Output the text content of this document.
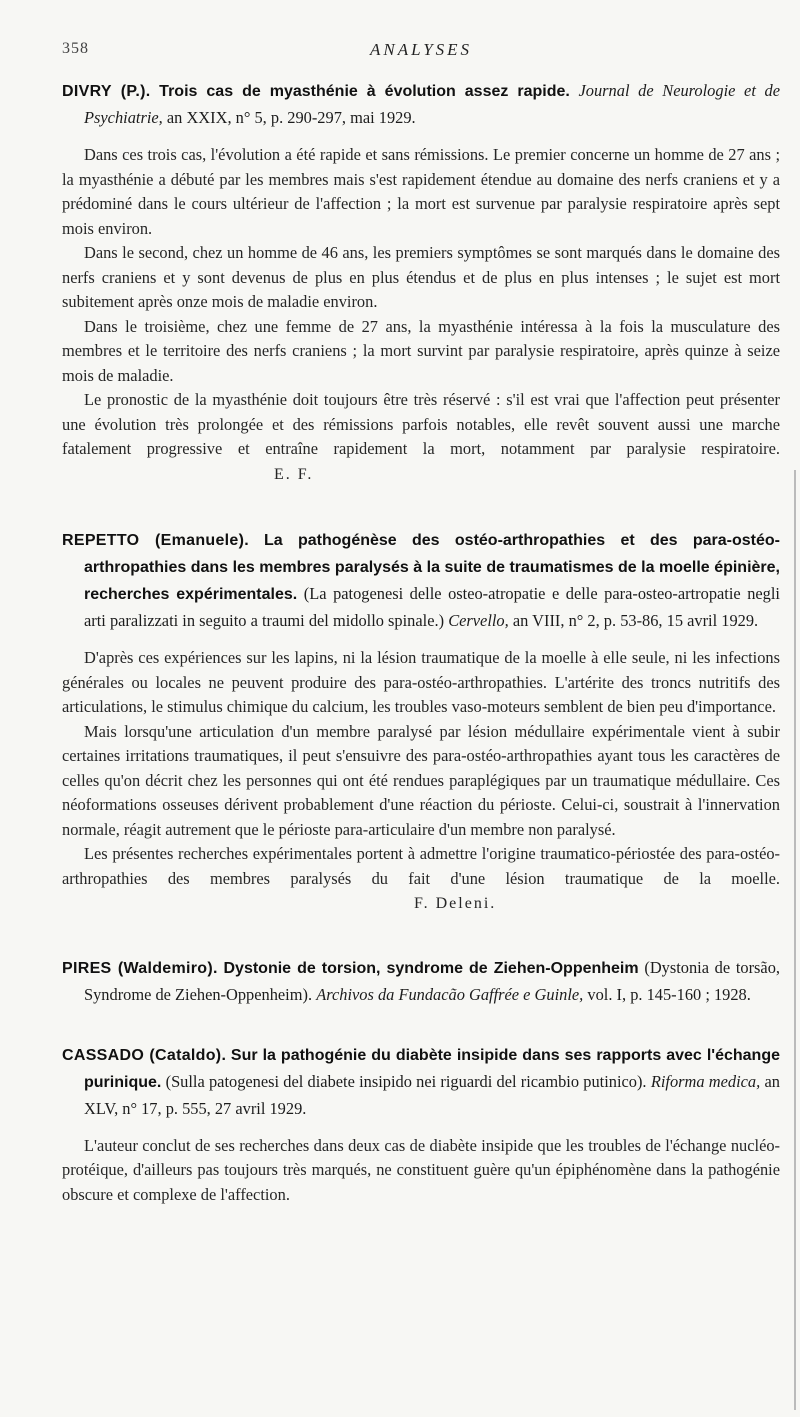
358	ANALYSES

DIVRY (P.). Trois cas de myasthénie à évolution assez rapide. Journal de Neurologie et de Psychiatrie, an XXIX, n° 5, p. 290-297, mai 1929.

Dans ces trois cas, l'évolution a été rapide et sans rémissions. Le premier concerne un homme de 27 ans ; la myasthénie a débuté par les membres mais s'est rapidement étendue au domaine des nerfs craniens et y a prédominé dans le cours ultérieur de l'affection ; la mort est survenue par paralysie respiratoire après sept mois environ.

Dans le second, chez un homme de 46 ans, les premiers symptômes se sont marqués dans le domaine des nerfs craniens et y sont devenus de plus en plus étendus et de plus en plus intenses ; le sujet est mort subitement après onze mois de maladie environ.

Dans le troisième, chez une femme de 27 ans, la myasthénie intéressa à la fois la musculature des membres et le territoire des nerfs craniens ; la mort survint par paralysie respiratoire, après quinze à seize mois de maladie.

Le pronostic de la myasthénie doit toujours être très réservé : s'il est vrai que l'affection peut présenter une évolution très prolongée et des rémissions parfois notables, elle revêt souvent aussi une marche fatalement progressive et entraîne rapidement la mort, notamment par paralysie respiratoire. E. F.

REPETTO (Emanuele). La pathogénèse des ostéo-arthropathies et des para-ostéo-arthropathies dans les membres paralysés à la suite de traumatismes de la moelle épinière, recherches expérimentales. (La patogenesi delle osteo-atropatie e delle para-osteo-artropatie negli arti paralizzati in seguito a traumi del midollo spinale.) Cervello, an VIII, n° 2, p. 53-86, 15 avril 1929.

D'après ces expériences sur les lapins, ni la lésion traumatique de la moelle à elle seule, ni les infections générales ou locales ne peuvent produire des para-ostéo-arthropathies. L'artérite des troncs nutritifs des articulations, le stimulus chimique du calcium, les troubles vaso-moteurs semblent de bien peu d'importance.

Mais lorsqu'une articulation d'un membre paralysé par lésion médullaire expérimentale vient à subir certaines irritations traumatiques, il peut s'ensuivre des para-ostéo-arthropathies ayant tous les caractères de celles qu'on décrit chez les personnes qui ont été rendues paraplégiques par un traumatique médullaire. Ces néoformations osseuses dérivent probablement d'une réaction du périoste. Celui-ci, soustrait à l'innervation normale, réagit autrement que le périoste para-articulaire d'un membre non paralysé.

Les présentes recherches expérimentales portent à admettre l'origine traumatico-périostée des para-ostéo-arthropathies des membres paralysés du fait d'une lésion traumatique de la moelle. F. Deleni.

PIRES (Waldemiro). Dystonie de torsion, syndrome de Ziehen-Oppenheim (Dystonia de torsão, Syndrome de Ziehen-Oppenheim). Archivos da Fundacão Gaffrée e Guinle, vol. I, p. 145-160 ; 1928.

CASSADO (Cataldo). Sur la pathogénie du diabète insipide dans ses rapports avec l'échange purinique. (Sulla patogenesi del diabete insipido nei riguardi del ricambio putinico). Riforma medica, an XLV, n° 17, p. 555, 27 avril 1929.

L'auteur conclut de ses recherches dans deux cas de diabète insipide que les troubles de l'échange nucléo-protéique, d'ailleurs pas toujours très marqués, ne constituent guère qu'un épiphénomène dans la pathogénie obscure et complexe de l'affection.
